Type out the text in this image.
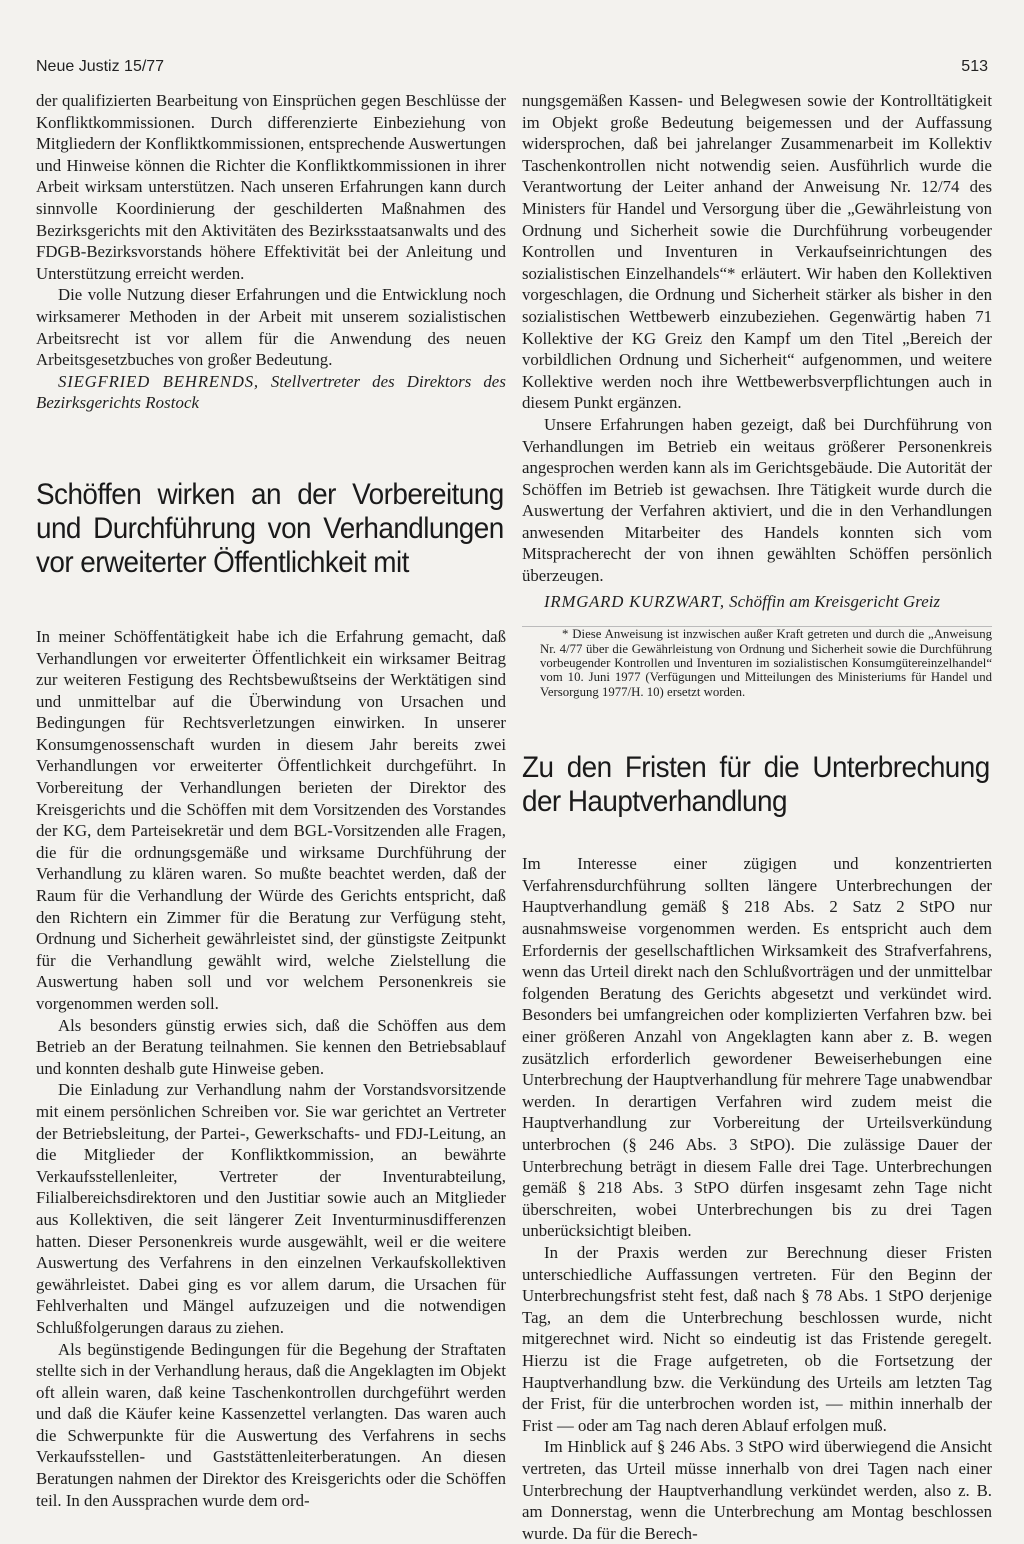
Neue Justiz 15/77	513

der qualifizierten Bearbeitung von Einsprüchen gegen Beschlüsse der Konfliktkommissionen. Durch differenzierte Einbeziehung von Mitgliedern der Konfliktkommissionen, entsprechende Auswertungen und Hinweise können die Richter die Konfliktkommissionen in ihrer Arbeit wirksam unterstützen. Nach unseren Erfahrungen kann durch sinnvolle Koordinierung der geschilderten Maßnahmen des Bezirksgerichts mit den Aktivitäten des Bezirksstaatsanwalts und des FDGB-Bezirksvorstands höhere Effektivität bei der Anleitung und Unterstützung erreicht werden.

Die volle Nutzung dieser Erfahrungen und die Entwicklung noch wirksamerer Methoden in der Arbeit mit unserem sozialistischen Arbeitsrecht ist vor allem für die Anwendung des neuen Arbeitsgesetzbuches von großer Bedeutung.

SIEGFRIED BEHRENDS, Stellvertreter des Direktors des Bezirksgerichts Rostock

Schöffen wirken an der Vorbereitung und Durchführung von Verhandlungen vor erweiterter Öffentlichkeit mit

In meiner Schöffentätigkeit habe ich die Erfahrung gemacht, daß Verhandlungen vor erweiterter Öffentlichkeit ein wirksamer Beitrag zur weiteren Festigung des Rechtsbewußtseins der Werktätigen sind und unmittelbar auf die Überwindung von Ursachen und Bedingungen für Rechtsverletzungen einwirken. In unserer Konsumgenossenschaft wurden in diesem Jahr bereits zwei Verhandlungen vor erweiterter Öffentlichkeit durchgeführt. In Vorbereitung der Verhandlungen berieten der Direktor des Kreisgerichts und die Schöffen mit dem Vorsitzenden des Vorstandes der KG, dem Parteisekretär und dem BGL-Vorsitzenden alle Fragen, die für die ordnungsgemäße und wirksame Durchführung der Verhandlung zu klären waren. So mußte beachtet werden, daß der Raum für die Verhandlung der Würde des Gerichts entspricht, daß den Richtern ein Zimmer für die Beratung zur Verfügung steht, Ordnung und Sicherheit gewährleistet sind, der günstigste Zeitpunkt für die Verhandlung gewählt wird, welche Zielstellung die Auswertung haben soll und vor welchem Personenkreis sie vorgenommen werden soll.

Als besonders günstig erwies sich, daß die Schöffen aus dem Betrieb an der Beratung teilnahmen. Sie kennen den Betriebsablauf und konnten deshalb gute Hinweise geben.

Die Einladung zur Verhandlung nahm der Vorstandsvorsitzende mit einem persönlichen Schreiben vor. Sie war gerichtet an Vertreter der Betriebsleitung, der Partei-, Gewerkschafts- und FDJ-Leitung, an die Mitglieder der Konfliktkommission, an bewährte Verkaufsstellenleiter, Vertreter der Inventurabteilung, Filialbereichsdirektoren und den Justitiar sowie auch an Mitglieder aus Kollektiven, die seit längerer Zeit Inventurminusdifferenzen hatten. Dieser Personenkreis wurde ausgewählt, weil er die weitere Auswertung des Verfahrens in den einzelnen Verkaufskollektiven gewährleistet. Dabei ging es vor allem darum, die Ursachen für Fehlverhalten und Mängel aufzuzeigen und die notwendigen Schlußfolgerungen daraus zu ziehen.

Als begünstigende Bedingungen für die Begehung der Straftaten stellte sich in der Verhandlung heraus, daß die Angeklagten im Objekt oft allein waren, daß keine Taschenkontrollen durchgeführt werden und daß die Käufer keine Kassenzettel verlangten. Das waren auch die Schwerpunkte für die Auswertung des Verfahrens in sechs Verkaufsstellen- und Gaststättenleiterberatungen. An diesen Beratungen nahmen der Direktor des Kreisgerichts oder die Schöffen teil. In den Aussprachen wurde dem ord-

nungsgemäßen Kassen- und Belegwesen sowie der Kontrolltätigkeit im Objekt große Bedeutung beigemessen und der Auffassung widersprochen, daß bei jahrelanger Zusammenarbeit im Kollektiv Taschenkontrollen nicht notwendig seien. Ausführlich wurde die Verantwortung der Leiter anhand der Anweisung Nr. 12/74 des Ministers für Handel und Versorgung über die „Gewährleistung von Ordnung und Sicherheit sowie die Durchführung vorbeugender Kontrollen und Inventuren in Verkaufseinrichtungen des sozialistischen Einzelhandels“* erläutert. Wir haben den Kollektiven vorgeschlagen, die Ordnung und Sicherheit stärker als bisher in den sozialistischen Wettbewerb einzubeziehen. Gegenwärtig haben 71 Kollektive der KG Greiz den Kampf um den Titel „Bereich der vorbildlichen Ordnung und Sicherheit“ aufgenommen, und weitere Kollektive werden noch ihre Wettbewerbsverpflichtungen auch in diesem Punkt ergänzen.

Unsere Erfahrungen haben gezeigt, daß bei Durchführung von Verhandlungen im Betrieb ein weitaus größerer Personenkreis angesprochen werden kann als im Gerichtsgebäude. Die Autorität der Schöffen im Betrieb ist gewachsen. Ihre Tätigkeit wurde durch die Auswertung der Verfahren aktiviert, und die in den Verhandlungen anwesenden Mitarbeiter des Handels konnten sich vom Mitspracherecht der von ihnen gewählten Schöffen persönlich überzeugen.

IRMGARD KURZWART, Schöffin am Kreisgericht Greiz

* Diese Anweisung ist inzwischen außer Kraft getreten und durch die „Anweisung Nr. 4/77 über die Gewährleistung von Ordnung und Sicherheit sowie die Durchführung vorbeugender Kontrollen und Inventuren im sozialistischen Konsumgütereinzelhandel“ vom 10. Juni 1977 (Verfügungen und Mitteilungen des Ministeriums für Handel und Versorgung 1977/H. 10) ersetzt worden.

Zu den Fristen für die Unterbrechung der Hauptverhandlung

Im Interesse einer zügigen und konzentrierten Verfahrensdurchführung sollten längere Unterbrechungen der Hauptverhandlung gemäß § 218 Abs. 2 Satz 2 StPO nur ausnahmsweise vorgenommen werden. Es entspricht auch dem Erfordernis der gesellschaftlichen Wirksamkeit des Strafverfahrens, wenn das Urteil direkt nach den Schlußvorträgen und der unmittelbar folgenden Beratung des Gerichts abgesetzt und verkündet wird. Besonders bei umfangreichen oder komplizierten Verfahren bzw. bei einer größeren Anzahl von Angeklagten kann aber z. B. wegen zusätzlich erforderlich gewordener Beweiserhebungen eine Unterbrechung der Hauptverhandlung für mehrere Tage unabwendbar werden. In derartigen Verfahren wird zudem meist die Hauptverhandlung zur Vorbereitung der Urteilsverkündung unterbrochen (§ 246 Abs. 3 StPO). Die zulässige Dauer der Unterbrechung beträgt in diesem Falle drei Tage. Unterbrechungen gemäß § 218 Abs. 3 StPO dürfen insgesamt zehn Tage nicht überschreiten, wobei Unterbrechungen bis zu drei Tagen unberücksichtigt bleiben.

In der Praxis werden zur Berechnung dieser Fristen unterschiedliche Auffassungen vertreten. Für den Beginn der Unterbrechungsfrist steht fest, daß nach § 78 Abs. 1 StPO derjenige Tag, an dem die Unterbrechung beschlossen wurde, nicht mitgerechnet wird. Nicht so eindeutig ist das Fristende geregelt. Hierzu ist die Frage aufgetreten, ob die Fortsetzung der Hauptverhandlung bzw. die Verkündung des Urteils am letzten Tag der Frist, für die unterbrochen worden ist, — mithin innerhalb der Frist — oder am Tag nach deren Ablauf erfolgen muß.

Im Hinblick auf § 246 Abs. 3 StPO wird überwiegend die Ansicht vertreten, das Urteil müsse innerhalb von drei Tagen nach einer Unterbrechung der Hauptverhandlung verkündet werden, also z. B. am Donnerstag, wenn die Unterbrechung am Montag beschlossen wurde. Da für die Berech-
